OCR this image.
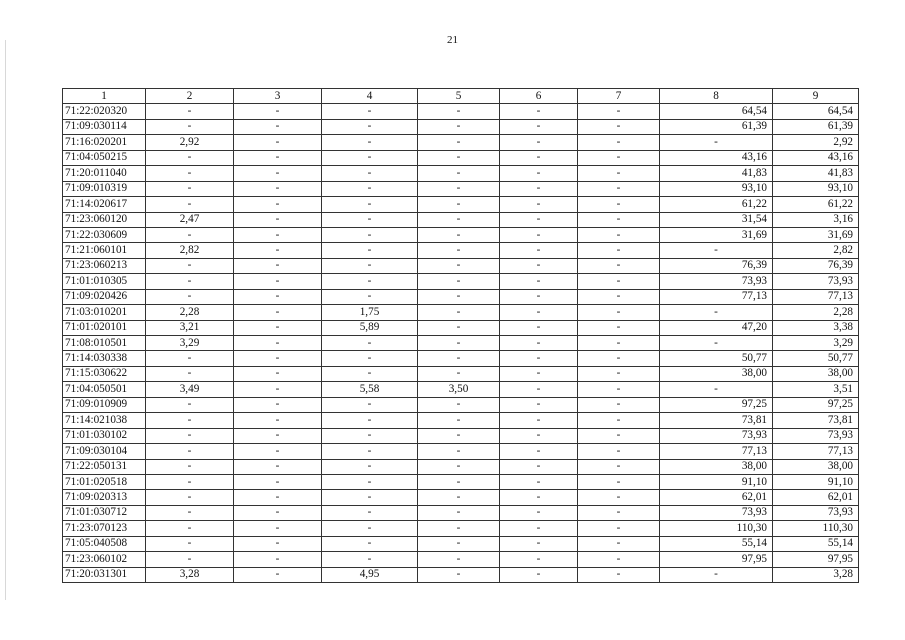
21
1	2	3	4	5	6	7	8	9
71:22:020320	-	-	-	-	-	-	64,54	64,54
71:09:030114	-	-	-	-	-	-	61,39	61,39
71:16:020201	2,92	-	-	-	-	-	-	2,92
71:04:050215	-	-	-	-	-	-	43,16	43,16
71:20:011040	-	-	-	-	-	-	41,83	41,83
71:09:010319	-	-	-	-	-	-	93,10	93,10
71:14:020617	-	-	-	-	-	-	61,22	61,22
71:23:060120	2,47	-	-	-	-	-	31,54	3,16
71:22:030609	-	-	-	-	-	-	31,69	31,69
71:21:060101	2,82	-	-	-	-	-	-	2,82
71:23:060213	-	-	-	-	-	-	76,39	76,39
71:01:010305	-	-	-	-	-	-	73,93	73,93
71:09:020426	-	-	-	-	-	-	77,13	77,13
71:03:010201	2,28	-	1,75	-	-	-	-	2,28
71:01:020101	3,21	-	5,89	-	-	-	47,20	3,38
71:08:010501	3,29	-	-	-	-	-	-	3,29
71:14:030338	-	-	-	-	-	-	50,77	50,77
71:15:030622	-	-	-	-	-	-	38,00	38,00
71:04:050501	3,49	-	5,58	3,50	-	-	-	3,51
71:09:010909	-	-	-	-	-	-	97,25	97,25
71:14:021038	-	-	-	-	-	-	73,81	73,81
71:01:030102	-	-	-	-	-	-	73,93	73,93
71:09:030104	-	-	-	-	-	-	77,13	77,13
71:22:050131	-	-	-	-	-	-	38,00	38,00
71:01:020518	-	-	-	-	-	-	91,10	91,10
71:09:020313	-	-	-	-	-	-	62,01	62,01
71:01:030712	-	-	-	-	-	-	73,93	73,93
71:23:070123	-	-	-	-	-	-	110,30	110,30
71:05:040508	-	-	-	-	-	-	55,14	55,14
71:23:060102	-	-	-	-	-	-	97,95	97,95
71:20:031301	3,28	-	4,95	-	-	-	-	3,28
